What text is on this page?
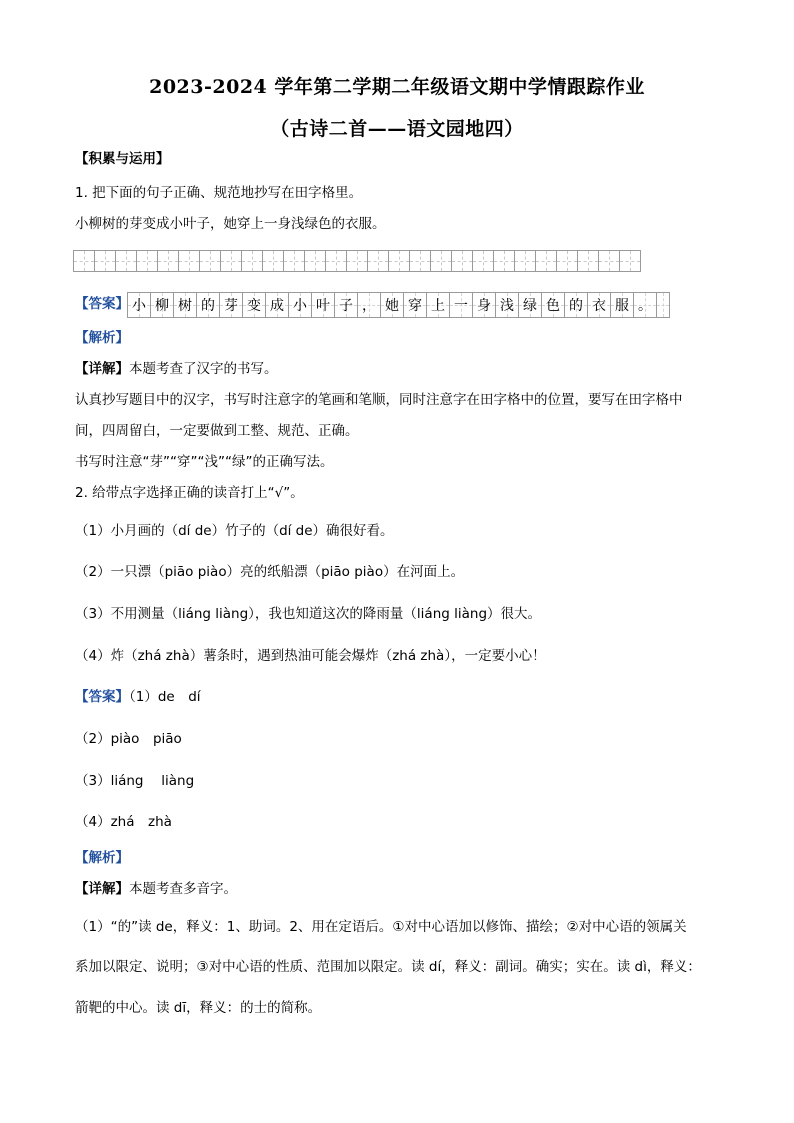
2023-2024 学年第二学期二年级语文期中学情跟踪作业
（古诗二首——语文园地四）
【积累与运用】
1. 把下面的句子正确、规范地抄写在田字格里。
小柳树的芽变成小叶子，她穿上一身浅绿色的衣服。
【答案】 小 柳 树 的 芽 变 成 小 叶 子 ， 她 穿 上 一 身 浅 绿 色 的 衣 服 。
【解析】
【详解】本题考查了汉字的书写。
认真抄写题目中的汉字，书写时注意字的笔画和笔顺，同时注意字在田字格中的位置，要写在田字格中
间，四周留白，一定要做到工整、规范、正确。
书写时注意“芽”“穿”“浅”“绿”的正确写法。
2. 给带点字选择正确的读音打上“√”。
（1）小月画的（dí de）竹子的（dí de）确很好看。
（2）一只漂（piāo piào）亮的纸船漂（piāo piào）在河面上。
（3）不用测量（liáng liàng），我也知道这次的降雨量（liáng liàng）很大。
（4）炸（zhá zhà）薯条时，遇到热油可能会爆炸（zhá zhà），一定要小心！
【答案】（1）de　dí
（2）piào　piāo
（3）liáng　 liàng
（4）zhá　zhà
【解析】
【详解】本题考查多音字。
（1）“的”读 de，释义：1、助词。2、用在定语后。①对中心语加以修饰、描绘；②对中心语的领属关
系加以限定、说明；③对中心语的性质、范围加以限定。读 dí，释义：副词。确实；实在。读 dì，释义：
箭靶的中心。读 dī，释义：的士的简称。
